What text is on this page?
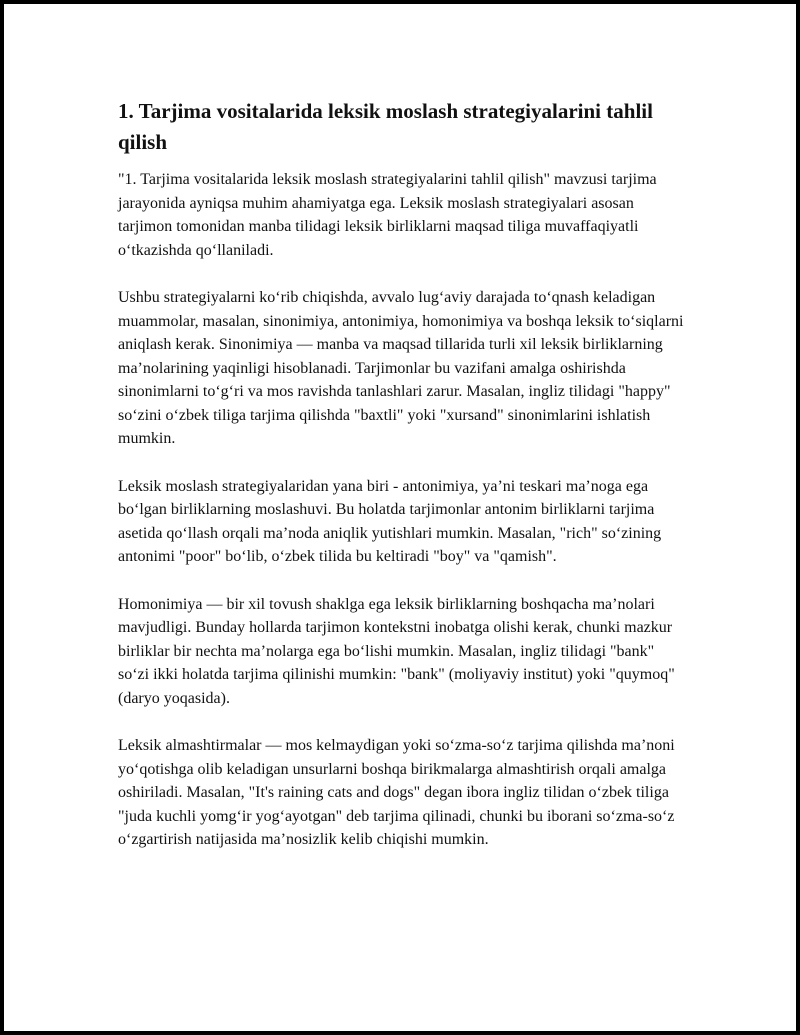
1. Tarjima vositalarida leksik moslash strategiyalarini tahlil qilish

"1. Tarjima vositalarida leksik moslash strategiyalarini tahlil qilish" mavzusi tarjima jarayonida ayniqsa muhim ahamiyatga ega. Leksik moslash strategiyalari asosan tarjimon tomonidan manba tilidagi leksik birliklarni maqsad tiliga muvaffaqiyatli o‘tkazishda qo‘llaniladi.

Ushbu strategiyalarni ko‘rib chiqishda, avvalo lug‘aviy darajada to‘qnash keladigan muammolar, masalan, sinonimiya, antonimiya, homonimiya va boshqa leksik to‘siqlarni aniqlash kerak. Sinonimiya — manba va maqsad tillarida turli xil leksik birliklarning ma’nolarining yaqinligi hisoblanadi. Tarjimonlar bu vazifani amalga oshirishda sinonimlarni to‘g‘ri va mos ravishda tanlashlari zarur. Masalan, ingliz tilidagi "happy" so‘zini o‘zbek tiliga tarjima qilishda "baxtli" yoki "xursand" sinonimlarini ishlatish mumkin.

Leksik moslash strategiyalaridan yana biri - antonimiya, ya’ni teskari ma’noga ega bo‘lgan birliklarning moslashuvi. Bu holatda tarjimonlar antonim birliklarni tarjima asetida qo‘llash orqali ma’noda aniqlik yutishlari mumkin. Masalan, "rich" so‘zining antonimi "poor" bo‘lib, o‘zbek tilida bu keltiradi "boy" va "qamish".

Homonimiya — bir xil tovush shaklga ega leksik birliklarning boshqacha ma’nolari mavjudligi. Bunday hollarda tarjimon kontekstni inobatga olishi kerak, chunki mazkur birliklar bir nechta ma’nolarga ega bo‘lishi mumkin. Masalan, ingliz tilidagi "bank" so‘zi ikki holatda tarjima qilinishi mumkin: "bank" (moliyaviy institut) yoki "quymoq" (daryo yoqasida).

Leksik almashtirmalar — mos kelmaydigan yoki so‘zma-so‘z tarjima qilishda ma’noni yo‘qotishga olib keladigan unsurlarni boshqa birikmalarga almashtirish orqali amalga oshiriladi. Masalan, "It's raining cats and dogs" degan ibora ingliz tilidan o‘zbek tiliga "juda kuchli yomg‘ir yog‘ayotgan" deb tarjima qilinadi, chunki bu iborani so‘zma-so‘z o‘zgartirish natijasida ma’nosizlik kelib chiqishi mumkin.
